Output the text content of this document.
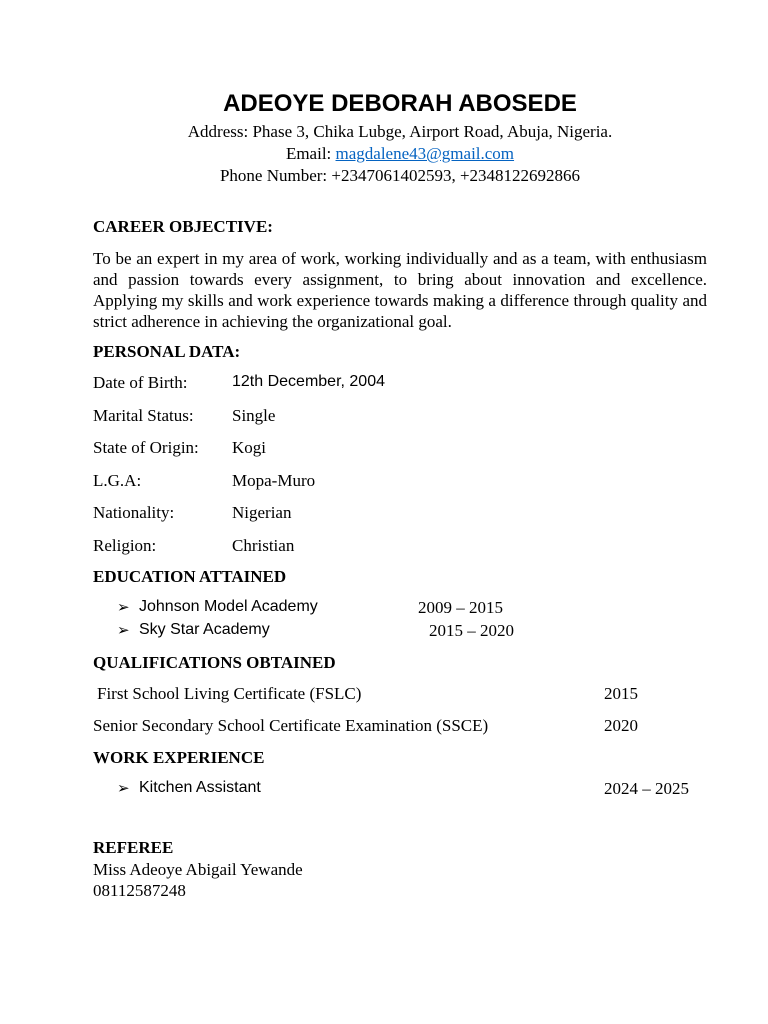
ADEOYE DEBORAH ABOSEDE
Address: Phase 3, Chika Lubge, Airport Road, Abuja, Nigeria.
Email: magdalene43@gmail.com
Phone Number: +2347061402593, +2348122692866
CAREER OBJECTIVE:
To be an expert in my area of work, working individually and as a team, with enthusiasm and passion towards every assignment, to bring about innovation and excellence. Applying my skills and work experience towards making a difference through quality and strict adherence in achieving the organizational goal.
PERSONAL DATA:
Date of Birth:	12th December, 2004
Marital Status: Single
State of Origin: Kogi
L.G.A:	Mopa-Muro
Nationality:	Nigerian
Religion:	Christian
EDUCATION ATTAINED
➢ Johnson Model Academy	2009 – 2015
➢ Sky Star Academy	2015 – 2020
QUALIFICATIONS OBTAINED
First School Living Certificate (FSLC)	2015
Senior Secondary School Certificate Examination (SSCE)	2020
WORK EXPERIENCE
➢ Kitchen Assistant	2024 – 2025
REFEREE
Miss Adeoye Abigail Yewande
08112587248
